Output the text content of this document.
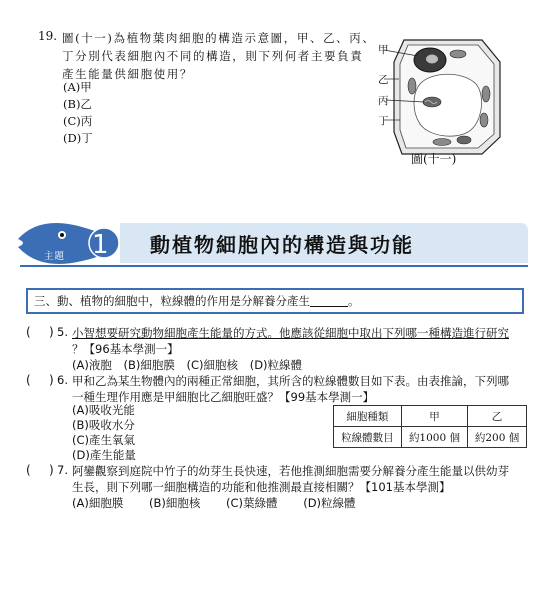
19. 圖(十一)為植物葉肉細胞的構造示意圖，甲、乙、丙、
丁分別代表細胞內不同的構造，則下列何者主要負責
產生能量供細胞使用？
(A)甲
(B)乙
(C)丙
(D)丁
甲
乙
丙
丁
圖(十一)
主題 1	動植物細胞內的構造與功能
三、動、植物的細胞中，粒線體的作用是分解養分產生	。
( ) 5. 小智想要研究動物細胞產生能量的方式。他應該從細胞中取出下列哪一種構造進行研究
？【96基本學測一】
(A)液胞 (B)細胞膜 (C)細胞核 (D)粒線體
( ) 6. 甲和乙為某生物體內的兩種正常細胞，其所含的粒線體數目如下表。由表推論，下列哪
一種生理作用應是甲細胞比乙細胞旺盛？【99基本學測一】
(A)吸收光能
(B)吸收水分
(C)產生氧氣
(D)產生能量
細胞種類	甲	乙
粒線體數目	約1000 個	約200 個
( ) 7. 阿鑾觀察到庭院中竹子的幼芽生長快速，若他推測細胞需要分解養分產生能量以供幼芽
生長，則下列哪一細胞構造的功能和他推測最直接相關？【101基本學測】
(A)細胞膜 (B)細胞核 (C)葉綠體 (D)粒線體
